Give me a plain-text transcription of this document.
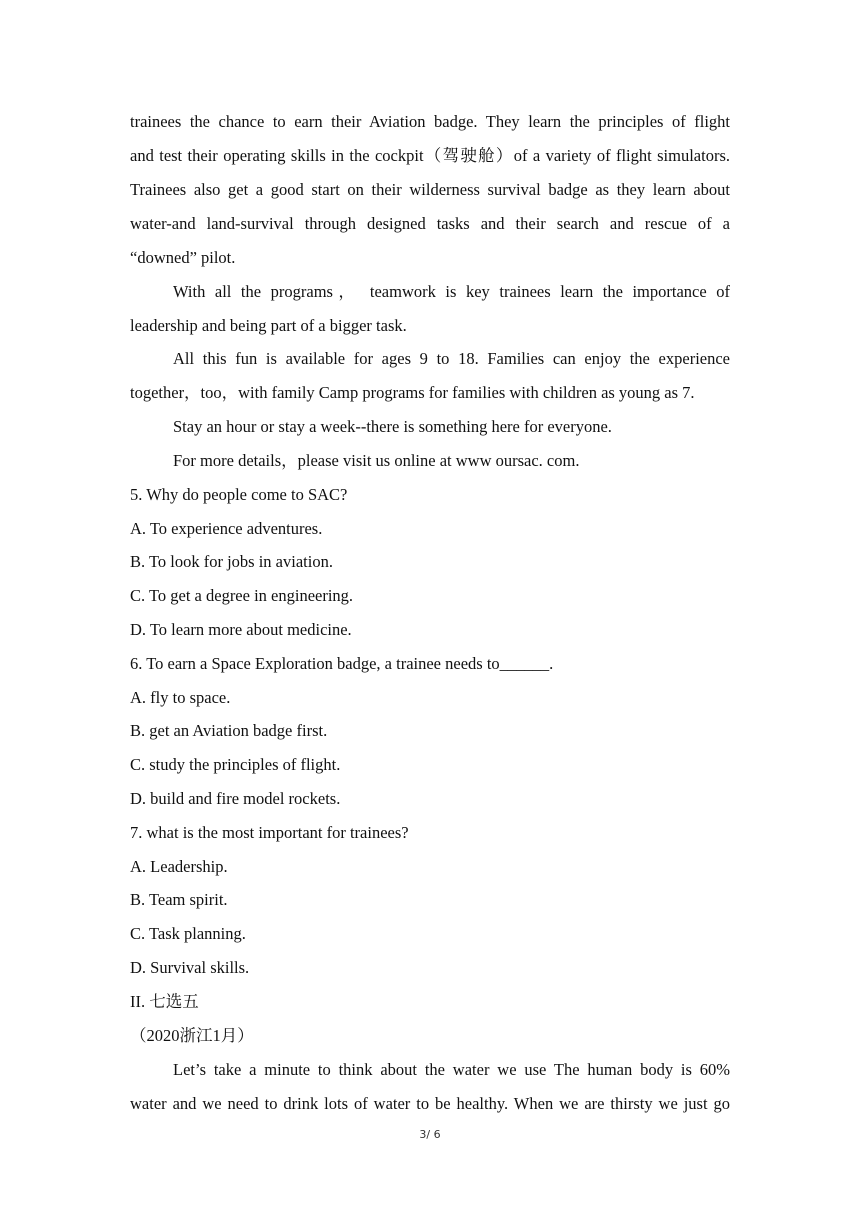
trainees the chance to earn their Aviation badge. They learn the principles of flight
and test their operating skills in the cockpit（驾驶舱）of a variety of flight simulators.
Trainees also get a good start on their wilderness survival badge as they learn about
water-and land-survival through designed tasks and their search and rescue of a
“downed” pilot.
With all the programs， teamwork is key trainees learn the importance of
leadership and being part of a bigger task.
All this fun is available for ages 9 to 18. Families can enjoy the experience
together，too，with family Camp programs for families with children as young as 7.
Stay an hour or stay a week--there is something here for everyone.
For more details，please visit us online at www oursac. com.
5. Why do people come to SAC?
A. To experience adventures.
B. To look for jobs in aviation.
C. To get a degree in engineering.
D. To learn more about medicine.
6. To earn a Space Exploration badge, a trainee needs to______.
A. fly to space.
B. get an Aviation badge first.
C. study the principles of flight.
D. build and fire model rockets.
7. what is the most important for trainees?
A. Leadership.
B. Team spirit.
C. Task planning.
D. Survival skills.
II. 七选五
（2020浙江1月）
Let’s take a minute to think about the water we use The human body is 60%
water and we need to drink lots of water to be healthy. When we are thirsty we just go
3/ 6
